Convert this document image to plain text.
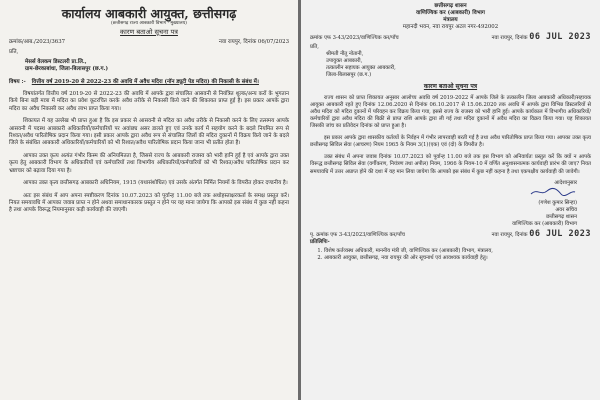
कार्यालय आबकारी आयुक्त, छत्तीसगढ़
(छत्तीसगढ़ राज्य आबकारी विभाग · मुख्यालय)
कारण बताओ सूचना पत्र
क्रमांक/आब./2023/3637	नवा रायपुर, दिनांक 06/07/2023
प्रति,
मेसर्स वेलकम डिस्टलरी प्रा.लि.,
ग्राम-छेरकाबांधा, जिला-बिलासपुर (छ.ग.)
विषय :- वित्तीय वर्ष 2019-20 से 2022-23 की अवधि में अवैध मदिरा (नॉन ड्यूटी पेड मदिरा) की निकासी के संबंध में।

विषयांतर्गत वित्तीय वर्ष 2019-20 से 2022-23 की अवधि में आपके द्वारा संचालित आसवनी से नियंत्रित शुल्क/अन्य करों के भुगतान किये बिना बड़ी मात्रा में मदिरा का प्रवेश कूटरचित करके अवैध तरीके से निकासी किये जाने की शिकायत प्राप्त हुई है। इस प्रकार आपके द्वारा मदिरा का अवैध निकासी कर अवैध लाभ प्राप्त किया गया।

शिकायत में यह उल्लेख भी प्राप्त हुआ है कि इस प्रकार से आसवनी से मदिरा का अवैध तरीके से निकासी करने के लिए तत्समय आपके आसवनी में पदस्थ आबकारी अधिकारियों/कर्मचारियों पर अवांछ्य असर डालते हुए एवं उनके कार्य में सहयोग करने के बदले नियमित रूप से रिश्वत/अवैध पारितोषिक प्रदान किया गया। इसी प्रकार आपके द्वारा अवैध रूप से संचालित जिलों की मदिरा दुकानों में विक्रय किये जाने के बदले जिले के संबंधित आबकारी अधिकारियों/कर्मचारियों को भी रिश्वत/अवैध पारितोषिक प्रदान किया जाना भी प्रतीत होता है।

आपका उक्त कृत्य अत्यंत गंभीर किस्म की अनियमितता है, जिससे राज्य के आबकारी राजस्व को भारी हानि हुई है एवं आपके द्वारा उक्त कृत्य हेतु आबकारी विभाग के अधिकारियों एवं कर्मचारियों तथा विभागीय अधिकारियों/कर्मचारियों को भी रिश्वत/अवैध पारितोषिक प्रदान कर भ्रष्टाचार को बढ़ावा दिया गया है।

आपका उक्त कृत्य छत्तीसगढ़ आबकारी अधिनियम, 1915 (यथासंशोधित) एवं उसके अंतर्गत निर्मित नियमों के विपरीत होकर दण्डनीय है।

अतः इस संबंध में आप अपना स्पष्टीकरण दिनांक 10.07.2023 को पूर्वान्ह 11.00 बजे तक अधोहस्ताक्षरकर्ता के समक्ष प्रस्तुत करें। नियत समयावधि में आपका जवाब प्राप्त न होने अथवा समाधानकारक प्रस्तुत न होने पर यह माना जायेगा कि आपको इस संबंध में कुछ नहीं कहना है तथा आपके विरूद्ध नियमानुसार कड़ी कार्यवाही की जाएगी।

छत्तीसगढ़ शासन
वाणिज्यिक कर (आबकारी) विभाग
मंत्रालय
महानदी भवन, नवा रायपुर अटल नगर-492002
क्रमांक एफ 3-43/2023/वाणिज्यिक कर/पाँच	नवा रायपुर, दिनांक 06 JUL 2023
प्रति,
श्रीमती नीतू नोतानी,
उपायुक्त आबकारी,
तत्कालीन सहायक आयुक्त आबकारी,
जिला-बिलासपुर (छ.ग.)
कारण बताओ सूचना पत्र

राज्य शासन को प्राप्त शिकायत अनुसार आलोच्य अवधि वर्ष 2019-2022 में आपके जिले के तत्कालीन जिला आबकारी अधिकारी/सहायक आयुक्त आबकारी रहते हुए दिनांक 12.06.2020 से दिनांक 06.10.2017 से 15.06.2020 तक अवधि में आपके द्वारा विभिन्न डिस्टलरियों से अवैध मदिरा को मदिरा दुकानों में परिवहन कर विक्रय किया गया, इससे राज्य के राजस्व को भारी हानि हुई। आपके कार्यकाल में विभागीय अधिकारियों/कर्मचारियों द्वारा अवैध मदिरा की बिक्री से प्राप्त राशि आपके द्वारा ली गई तथा मदिरा दुकानों में अवैध मदिरा का विक्रय किया गया। यह शिकायत जिसकी जांच का प्रतिवेदन दिनांक को प्राप्त हुआ है।

इस प्रकार आपके द्वारा शासकीय कर्तव्यों के निर्वहन में गंभीर लापरवाही बरती गई है तथा अवैध पारितोषिक प्राप्त किया गया। आपका उक्त कृत्य छत्तीसगढ़ सिविल सेवा (आचरण) नियम 1965 के नियम 3(1)(एक) एवं (दो) के विपरीत है।

उक्त संबंध में अपना जवाब दिनांक 10.07.2023 को पूर्वान्ह 11.00 बजे तक इस विभाग को अनिवार्यतः प्रस्तुत करें कि क्यों न आपके विरूद्ध छत्तीसगढ़ सिविल सेवा (वर्गीकरण, नियंत्रण तथा अपील) नियम, 1966 के नियम-10 में वर्णित अनुशासनात्मक कार्यवाही प्रारंभ की जाए? नियत समयावधि में उत्तर अप्राप्त होने की दशा में यह मान लिया जायेगा कि आपको इस संबंध में कुछ नहीं कहना है तथा एकपक्षीय कार्यवाही की जावेगी।

आदेशानुसार
(गणेश कुमार सिन्हा)
अवर सचिव
छत्तीसगढ़ शासन
वाणिज्यिक कर (आबकारी) विभाग
पृ. क्रमांक एफ 3-43/2023/वाणिज्यिक कर/पाँच	नवा रायपुर, दिनांक 06 JUL 2023
प्रतिलिपिः-
1. विशेष कर्तव्यस्थ अधिकारी, माननीय मंत्री जी, वाणिज्यिक कर (आबकारी) विभाग, मंत्रालय,
2. आबकारी आयुक्त, छत्तीसगढ़, नवा रायपुर की ओर सूचनार्थ एवं आवश्यक कार्यवाही हेतु।
